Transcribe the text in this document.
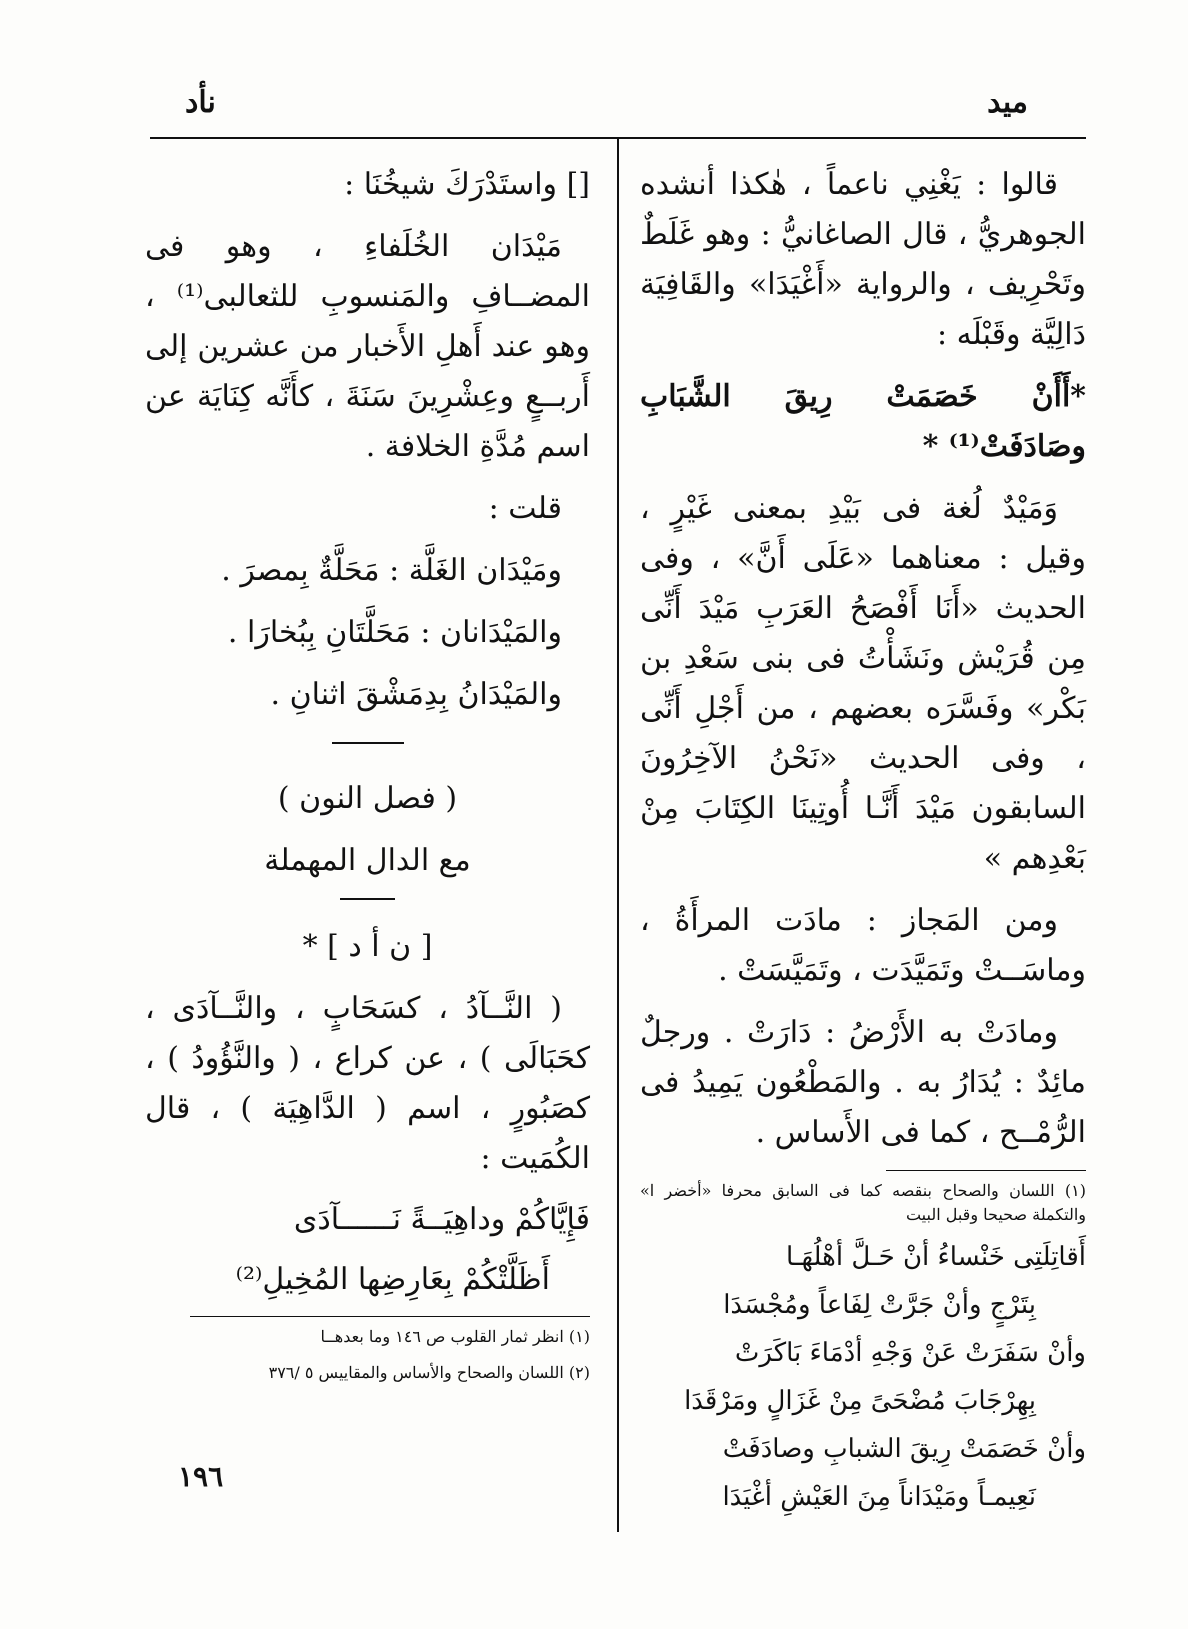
ميد
نأد

قالوا : يَغْنِي ناعماً ، هٰكذا أنشده الجوهريُّ ، قال الصاغانيُّ : وهو غَلَطٌ وتَحْرِيف ، والرواية «أَغْيَدَا» والقَافِيَة دَالِيَّة وقَبْلَه :

*أَأَنْ خَصَمَتْ رِيقَ الشَّبَابِ وصَادَفَتْ⁽¹⁾ *

وَمَيْدٌ لُغة فى بَيْدِ بمعنى غَيْرٍ ، وقيل : معناهما «عَلَى أَنَّ» ، وفى الحديث «أَنَا أَفْصَحُ العَرَبِ مَيْدَ أَنِّى مِن قُرَيْش ونَشَأْتُ فى بنى سَعْدِ بن بَكْر» وفَسَّرَه بعضهم ، من أَجْلِ أَنِّى ، وفى الحديث «نَحْنُ الآخِرُونَ السابقون مَيْدَ أَنَّـا أُوتِينَا الكِتَابَ مِنْ بَعْدِهم »

ومن المَجاز : مادَت المرأَةُ ، وماسَــتْ وتَمَيَّدَت ، وتَمَيَّسَتْ .

ومادَتْ به الأَرْضُ : دَارَتْ . ورجلٌ مائِدٌ : يُدَارُ به . والمَطْعُون يَمِيدُ فى الرُّمْــح ، كما فى الأَساس .

(١) اللسان والصحاح بنقصه كما فى السابق محرفا «أخضر ا» والتكملة صحيحا وقبل البيت

أَقاتِلَتِى خَنْساءُ أنْ حَـلَّ أهْلُهَـا

بِتَرْجٍ وأنْ جَرَّتْ لِفَاعاً ومُجْسَدَا

وأنْ سَفَرَتْ عَنْ وَجْهِ أدْمَاءَ بَاكَرَتْ

بِهِرْجَابَ مُضْحَىً مِنْ غَزَالٍ ومَرْقَدَا

وأنْ خَصَمَتْ رِيقَ الشبابِ وصادَفَتْ

نَعِيمـاً ومَيْدَاناً مِنَ العَيْشِ أغْيَدَا

[] واستَدْرَكَ شيخُنَا :

مَيْدَان الخُلَفاءِ ، وهو فى المضــافِ والمَنسوبِ للثعالبى⁽¹⁾ ، وهو عند أَهلِ الأَخبار من عشرين إلى أَربــعٍ وعِشْرِينَ سَنَةَ ، كأَنَّه كِنَايَة عن اسم مُدَّةِ الخلافة .

قلت :

ومَيْدَان الغَلَّة : مَحَلَّةٌ بِمصرَ .

والمَيْدَانان : مَحَلَّتَانِ بِبُخارَا .

والمَيْدَانُ بِدِمَشْقَ اثنانِ .

( فصل النون )

مع الدال المهملة

[ ن أ د ] *

( النَّــآدُ ، كسَحَابٍ ، والنَّــآدَى ، كحَبَالَى ) ، عن كراع ، ( والنَّؤُودُ ) ، كصَبُورٍ ، اسم ( الدَّاهِيَة ) ، قال الكُمَيت :

فَإِيَّاكُمْ وداهِيَــةً نَــــــآدَى

أَظَلَّتْكُمْ بِعَارِضِها المُخِيلِ⁽²⁾

(١) انظر ثمار القلوب ص ١٤٦ وما بعدهــا

(٢) اللسان والصحاح والأساس والمقاييس ٥ /٣٧٦

١٩٦
